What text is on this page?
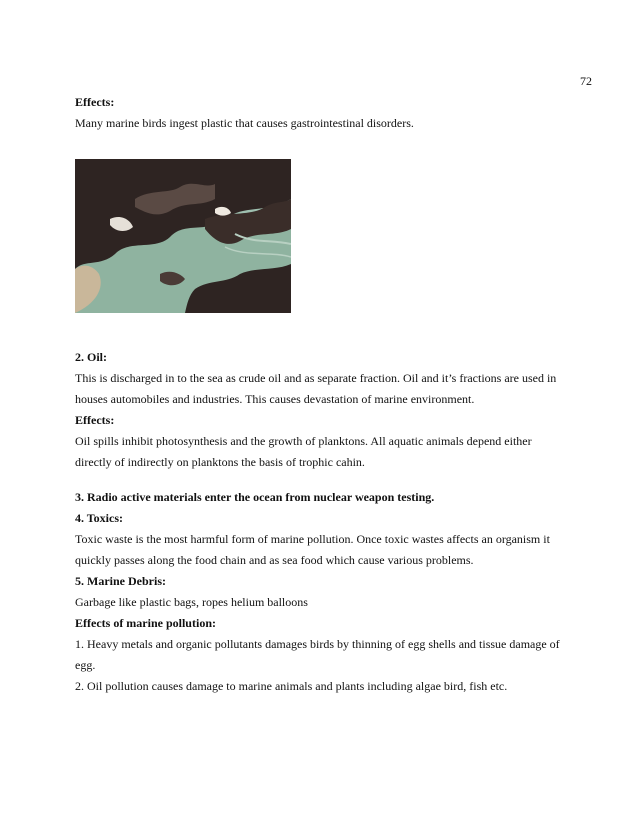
72

Effects:

Many marine birds ingest plastic that causes gastrointestinal disorders.

2. Oil:

This is discharged in to the sea as crude oil and as separate fraction. Oil and it’s fractions are used in

houses automobiles and industries. This causes devastation of marine environment.

Effects:

Oil spills inhibit photosynthesis and the growth of planktons. All aquatic animals depend either

directly of indirectly on planktons the basis of trophic cahin.

3. Radio active materials enter the ocean from nuclear weapon testing.

4. Toxics:

Toxic waste is the most harmful form of marine pollution. Once toxic wastes affects an organism it

quickly passes along the food chain and as sea food which cause various problems.

5. Marine Debris:

Garbage like plastic bags, ropes helium balloons

Effects of marine pollution:

1. Heavy metals and organic pollutants damages birds by thinning of egg shells and tissue damage of

egg.

2. Oil pollution causes damage to marine animals and plants including algae bird, fish etc.
